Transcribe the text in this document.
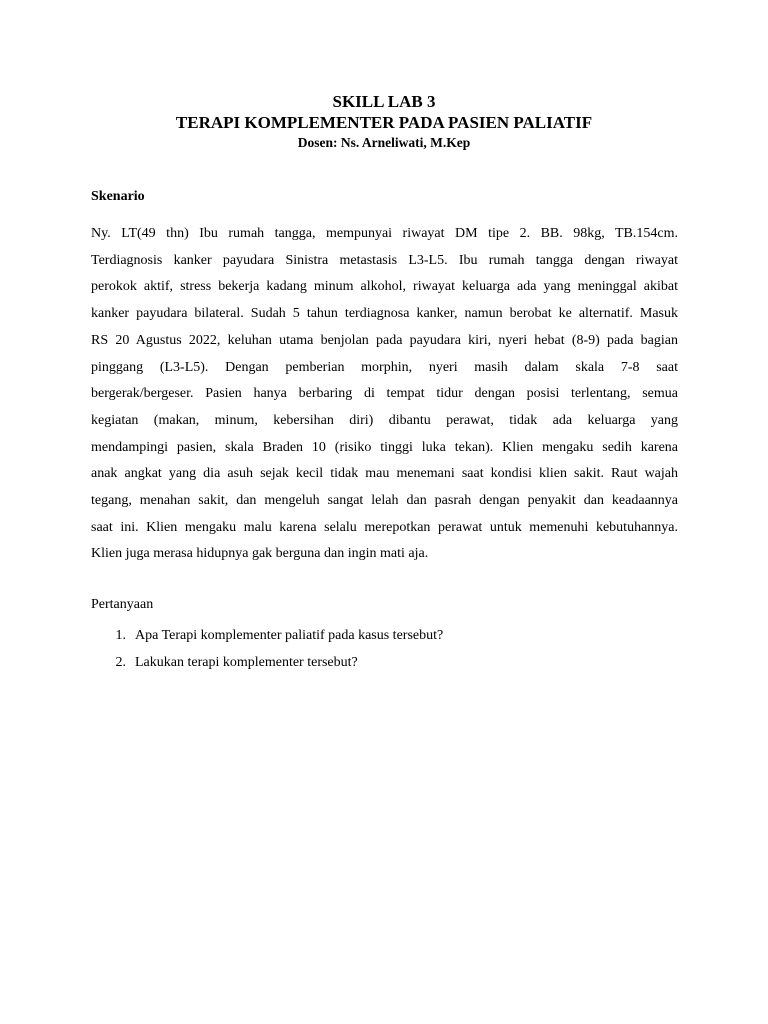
SKILL LAB 3
TERAPI KOMPLEMENTER PADA PASIEN PALIATIF

Dosen: Ns. Arneliwati, M.Kep

Skenario

Ny. LT(49 thn) Ibu rumah tangga, mempunyai riwayat DM tipe 2. BB. 98kg, TB.154cm.
Terdiagnosis kanker payudara Sinistra metastasis L3-L5. Ibu rumah tangga dengan riwayat
perokok aktif, stress bekerja kadang minum alkohol, riwayat keluarga ada yang meninggal akibat
kanker payudara bilateral. Sudah 5 tahun terdiagnosa kanker, namun berobat ke alternatif. Masuk
RS 20 Agustus 2022, keluhan utama benjolan pada payudara kiri, nyeri hebat (8-9) pada bagian
pinggang (L3-L5). Dengan pemberian morphin, nyeri masih dalam skala 7-8 saat
bergerak/bergeser. Pasien hanya berbaring di tempat tidur dengan posisi terlentang, semua
kegiatan (makan, minum, kebersihan diri) dibantu perawat, tidak ada keluarga yang
mendampingi pasien, skala Braden 10 (risiko tinggi luka tekan). Klien mengaku sedih karena
anak angkat yang dia asuh sejak kecil tidak mau menemani saat kondisi klien sakit. Raut wajah
tegang, menahan sakit, dan mengeluh sangat lelah dan pasrah dengan penyakit dan keadaannya
saat ini. Klien mengaku malu karena selalu merepotkan perawat untuk memenuhi kebutuhannya.
Klien juga merasa hidupnya gak berguna dan ingin mati aja.

Pertanyaan

1. Apa Terapi komplementer paliatif pada kasus tersebut?
2. Lakukan terapi komplementer tersebut?
